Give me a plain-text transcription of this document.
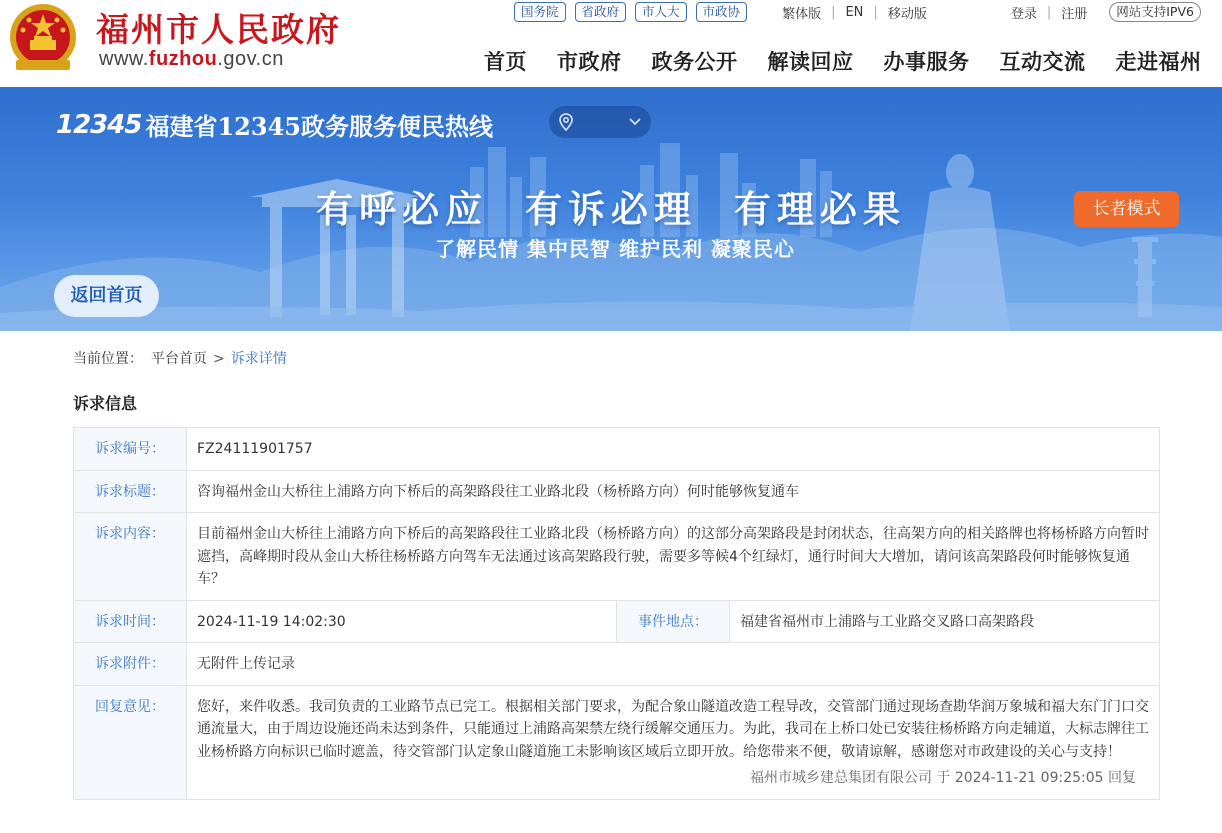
福州市人民政府
www.fuzhou.gov.cn
国务院	省政府	市人大	市政协	繁体版 | EN | 移动版	登录 | 注册	网站支持IPV6
首页 市政府 政务公开 解读回应 办事服务 互动交流 走进福州
12345 福建省12345政务服务便民热线
长者模式
有呼必应 有诉必理 有理必果
了解民情 集中民智 维护民利 凝聚民心
返回首页
当前位置： 平台首页 > 诉求详情
诉求信息
诉求编号：	FZ24111901757		
诉求标题：	咨询福州金山大桥往上浦路方向下桥后的高架路段往工业路北段（杨桥路方向）何时能够恢复通车		
诉求内容：	目前福州金山大桥往上浦路方向下桥后的高架路段往工业路北段（杨桥路方向）的这部分高架路段是封闭状态，往高架方向的相关路牌也将杨桥路方向暂时遮挡，高峰期时段从金山大桥往杨桥路方向驾车无法通过该高架路段行驶，需要多等候4个红绿灯，通行时间大大增加，请问该高架路段何时能够恢复通车？		
诉求时间：	2024-11-19 14:02:30	事件地点：	福建省福州市上浦路与工业路交叉路口高架路段
诉求附件：	无附件上传记录		
回复意见：	您好，来件收悉。我司负责的工业路节点已完工。根据相关部门要求，为配合象山隧道改造工程导改，交管部门通过现场查勘华润万象城和福大东门门口交通流量大，由于周边设施还尚未达到条件，只能通过上浦路高架禁左绕行缓解交通压力。为此，我司在上桥口处已安装往杨桥路方向走辅道，大标志牌往工业杨桥路方向标识已临时遮盖，待交管部门认定象山隧道施工未影响该区域后立即开放。给您带来不便，敬请谅解，感谢您对市政建设的关心与支持！
福州市城乡建总集团有限公司 于 2024-11-21 09:25:05 回复		
